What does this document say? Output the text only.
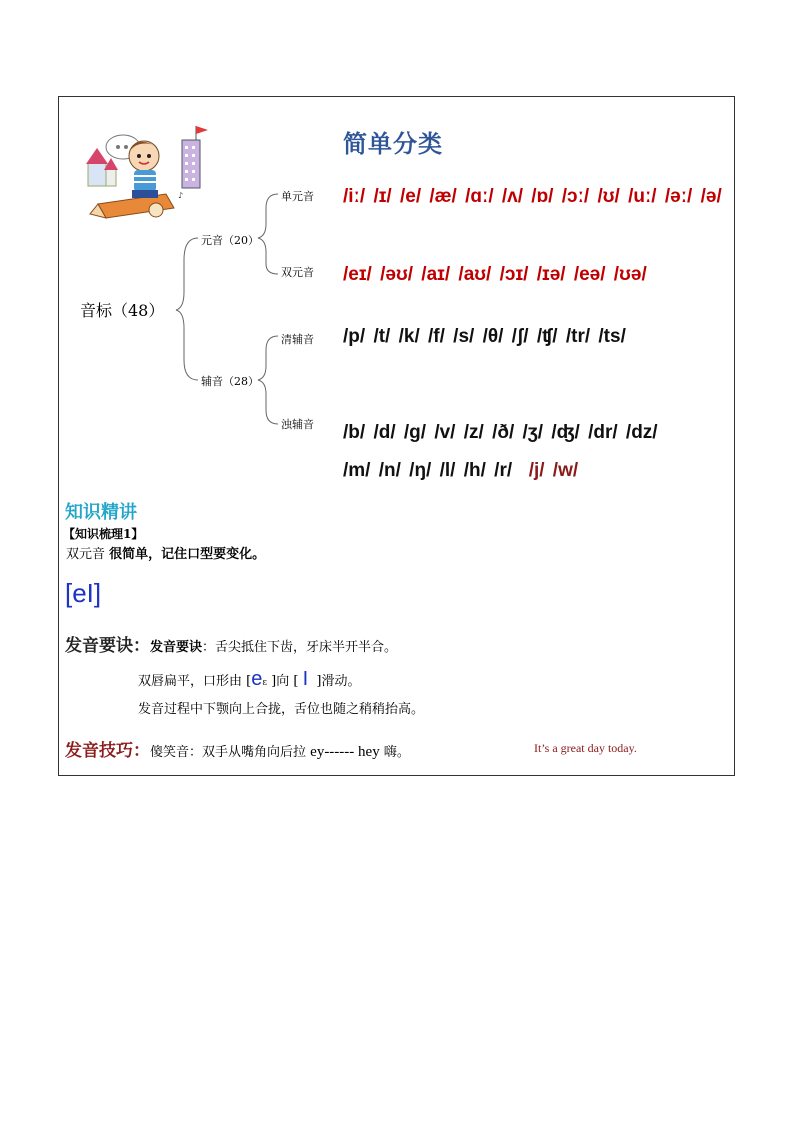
♪
简单分类
音标（48）
元音（20）
辅音（28）
单元音
双元音
清辅音
浊辅音
/iː/ /ɪ/ /e/ /æ/ /ɑː/ /ʌ/ /ɒ/ /ɔː/ /ʊ/ /uː/ /əː/ /ə/
/eɪ/ /əʊ/ /aɪ/ /aʊ/ /ɔɪ/ /ɪə/ /eə/ /ʊə/
/p/ /t/ /k/ /f/ /s/ /θ/ /ʃ/ /ʧ/ /tr/ /ts/
/b/ /d/ /g/ /v/ /z/ /ð/ /ʒ/ /ʤ/ /dr/ /dz/
/m/ /n/ /ŋ/ /l/ /h/ /r/ /j/ /w/
知识精讲
【知识梳理1】
双元音 很简单，记住口型要变化。
[eI]
发音要诀：发音要诀：舌尖抵住下齿，牙床半开半合。
双唇扁平，口形由 [eε ]向 [ I ]滑动。
发音过程中下颚向上合拢，舌位也随之稍稍抬高。
发音技巧：傻笑音：双手从嘴角向后拉 ey------ hey 嗨。	It’s a great day today.
